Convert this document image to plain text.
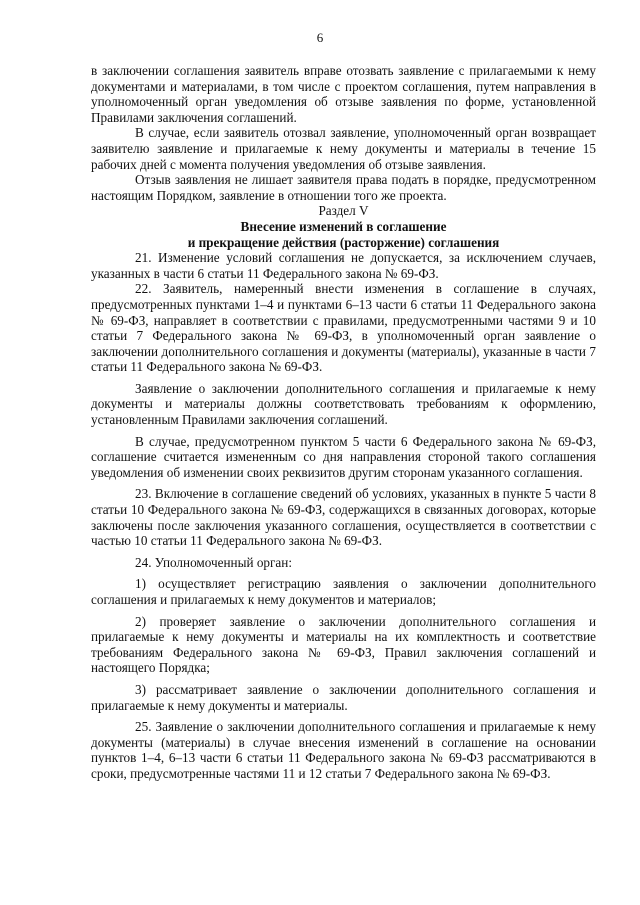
6

в заключении соглашения заявитель вправе отозвать заявление с прилагаемыми к нему документами и материалами, в том числе с проектом соглашения, путем направления в уполномоченный орган уведомления об отзыве заявления по форме, установленной Правилами заключения соглашений.

В случае, если заявитель отозвал заявление, уполномоченный орган возвращает заявителю заявление и прилагаемые к нему документы и материалы в течение 15 рабочих дней с момента получения уведомления об отзыве заявления.

Отзыв заявления не лишает заявителя права подать в порядке, предусмотренном настоящим Порядком, заявление в отношении того же проекта.

Раздел V

Внесение изменений в соглашение
и прекращение действия (расторжение) соглашения

21. Изменение условий соглашения не допускается, за исключением случаев, указанных в части 6 статьи 11 Федерального закона № 69-ФЗ.

22. Заявитель, намеренный внести изменения в соглашение в случаях, предусмотренных пунктами 1–4 и пунктами 6–13 части 6 статьи 11 Федерального закона № 69-ФЗ, направляет в соответствии с правилами, предусмотренными частями 9 и 10 статьи 7 Федерального закона № 69-ФЗ, в уполномоченный орган заявление о заключении дополнительного соглашения и документы (материалы), указанные в части 7 статьи 11 Федерального закона № 69-ФЗ.

Заявление о заключении дополнительного соглашения и прилагаемые к нему документы и материалы должны соответствовать требованиям к оформлению, установленным Правилами заключения соглашений.

В случае, предусмотренном пунктом 5 части 6 Федерального закона № 69-ФЗ, соглашение считается измененным со дня направления стороной такого соглашения уведомления об изменении своих реквизитов другим сторонам указанного соглашения.

23. Включение в соглашение сведений об условиях, указанных в пункте 5 части 8 статьи 10 Федерального закона № 69-ФЗ, содержащихся в связанных договорах, которые заключены после заключения указанного соглашения, осуществляется в соответствии с частью 10 статьи 11 Федерального закона № 69-ФЗ.

24. Уполномоченный орган:

1) осуществляет регистрацию заявления о заключении дополнительного соглашения и прилагаемых к нему документов и материалов;

2) проверяет заявление о заключении дополнительного соглашения и прилагаемые к нему документы и материалы на их комплектность и соответствие требованиям Федерального закона № 69-ФЗ, Правил заключения соглашений и настоящего Порядка;

3) рассматривает заявление о заключении дополнительного соглашения и прилагаемые к нему документы и материалы.

25. Заявление о заключении дополнительного соглашения и прилагаемые к нему документы (материалы) в случае внесения изменений в соглашение на основании пунктов 1–4, 6–13 части 6 статьи 11 Федерального закона № 69-ФЗ рассматриваются в сроки, предусмотренные частями 11 и 12 статьи 7 Федерального закона № 69-ФЗ.
